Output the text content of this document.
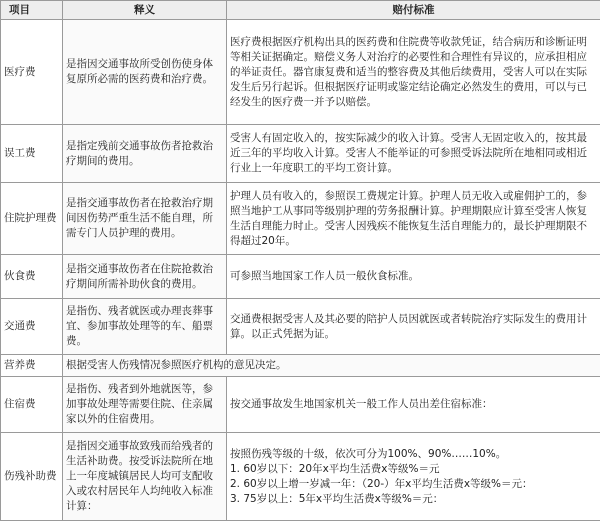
项目	释义	赔付标准
医疗费	是指因交通事故所受创伤使身体复原所必需的医药费和治疗费。	医疗费根据医疗机构出具的医药费和住院费等收款凭证，结合病历和诊断证明等相关证据确定。赔偿义务人对治疗的必要性和合理性有异议的，应承担相应的举证责任。器官康复费和适当的整容费及其他后续费用，受害人可以在实际发生后另行起诉。但根据医疗证明或鉴定结论确定必然发生的费用，可以与已经发生的医疗费一并予以赔偿。

误工费	是指定残前交通事故伤者抢救治疗期间的费用。	受害人有固定收入的，按实际减少的收入计算。受害人无固定收入的，按其最近三年的平均收入计算。受害人不能举证的可参照受诉法院所在地相同或相近行业上一年度职工的平均工资计算。

住院护理费	是指交通事故伤者在抢救治疗期间因伤势严重生活不能自理，所需专门人员护理的费用。	护理人员有收入的，参照误工费规定计算。护理人员无收入或雇佣护工的，参照当地护工从事同等级别护理的劳务报酬计算。护理期限应计算至受害人恢复生活自理能力时止。受害人因残疾不能恢复生活自理能力的，最长护理期限不得超过20年。

伙食费	是指交通事故伤者在住院抢救治疗期间所需补助伙食的费用。	可参照当地国家工作人员一般伙食标准。

交通费	是指伤、残者就医或办理丧葬事宜、参加事故处理等的车、船票费。	交通费根据受害人及其必要的陪护人员因就医或者转院治疗实际发生的费用计算。以正式凭据为证。

营养费	根据受害人伤残情况参照医疗机构的意见决定。	
住宿费	是指伤、残者到外地就医等，参加事故处理等需要住院、住亲属家以外的住宿费用。	按交通事故发生地国家机关一般工作人员出差住宿标准：

伤残补助费	是指因交通事故致残而给残者的生活补助费。按受诉法院所在地上一年度城镇居民人均可支配收入或农村居民年人均纯收入标准计算：	按照伤残等级的十级，依次可分为100%、90%……10%。
1. 60岁以下：20年x平均生活费x等级%＝元
2. 60岁以上增一岁减一年：（20-）年x平均生活费x等级%＝元：
3. 75岁以上：5年x平均生活费x等级%＝元：
